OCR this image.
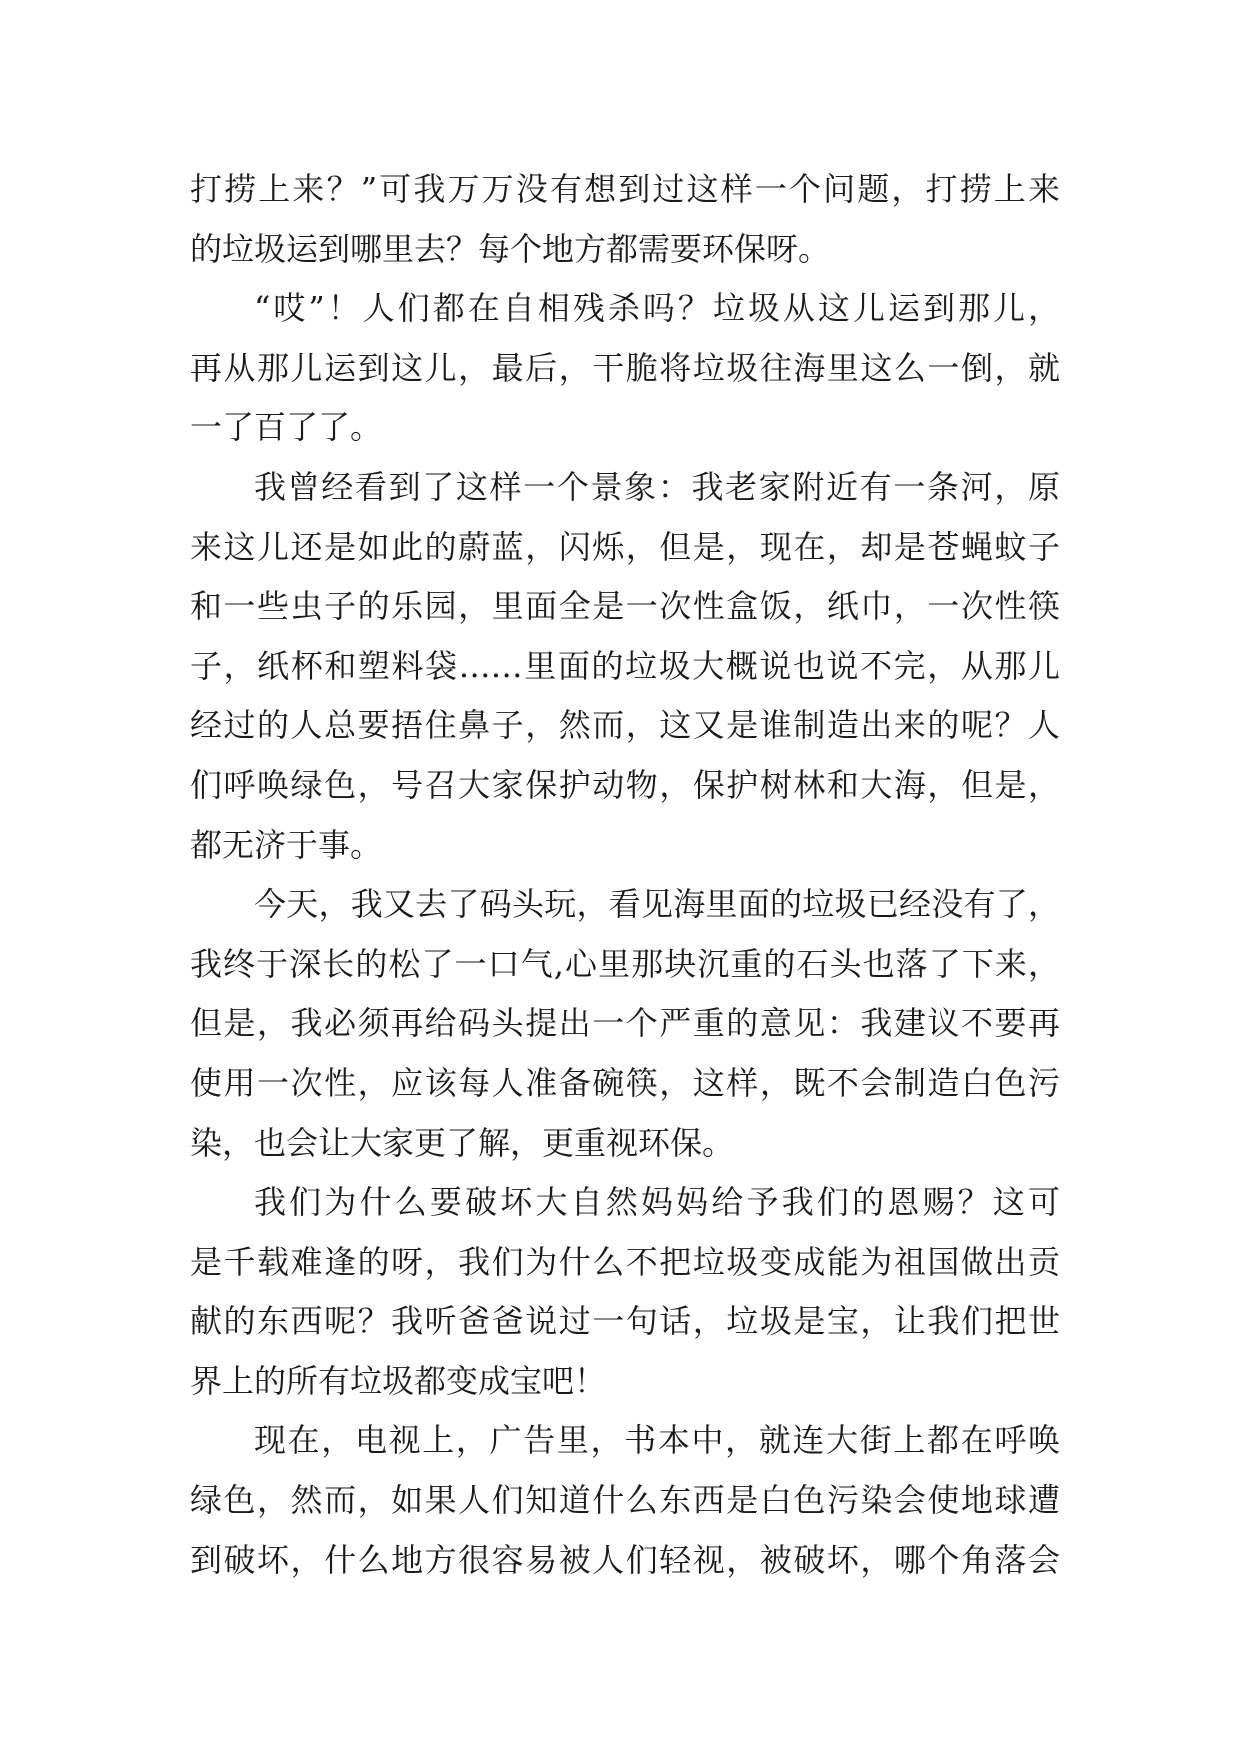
打捞上来？”可我万万没有想到过这样一个问题，打捞上来
的垃圾运到哪里去？每个地方都需要环保呀。
“哎”！人们都在自相残杀吗？垃圾从这儿运到那儿，
再从那儿运到这儿，最后，干脆将垃圾往海里这么一倒，就
一了百了了。
我曾经看到了这样一个景象：我老家附近有一条河，原
来这儿还是如此的蔚蓝，闪烁，但是，现在，却是苍蝇蚊子
和一些虫子的乐园，里面全是一次性盒饭，纸巾，一次性筷
子，纸杯和塑料袋……里面的垃圾大概说也说不完，从那儿
经过的人总要捂住鼻子，然而，这又是谁制造出来的呢？人
们呼唤绿色，号召大家保护动物，保护树林和大海，但是，
都无济于事。
今天，我又去了码头玩，看见海里面的垃圾已经没有了，
我终于深长的松了一口气,心里那块沉重的石头也落了下来，
但是，我必须再给码头提出一个严重的意见：我建议不要再
使用一次性，应该每人准备碗筷，这样，既不会制造白色污
染，也会让大家更了解，更重视环保。
我们为什么要破坏大自然妈妈给予我们的恩赐？这可
是千载难逢的呀，我们为什么不把垃圾变成能为祖国做出贡
献的东西呢？我听爸爸说过一句话，垃圾是宝，让我们把世
界上的所有垃圾都变成宝吧！
现在，电视上，广告里，书本中，就连大街上都在呼唤
绿色，然而，如果人们知道什么东西是白色污染会使地球遭
到破坏，什么地方很容易被人们轻视，被破坏，哪个角落会
